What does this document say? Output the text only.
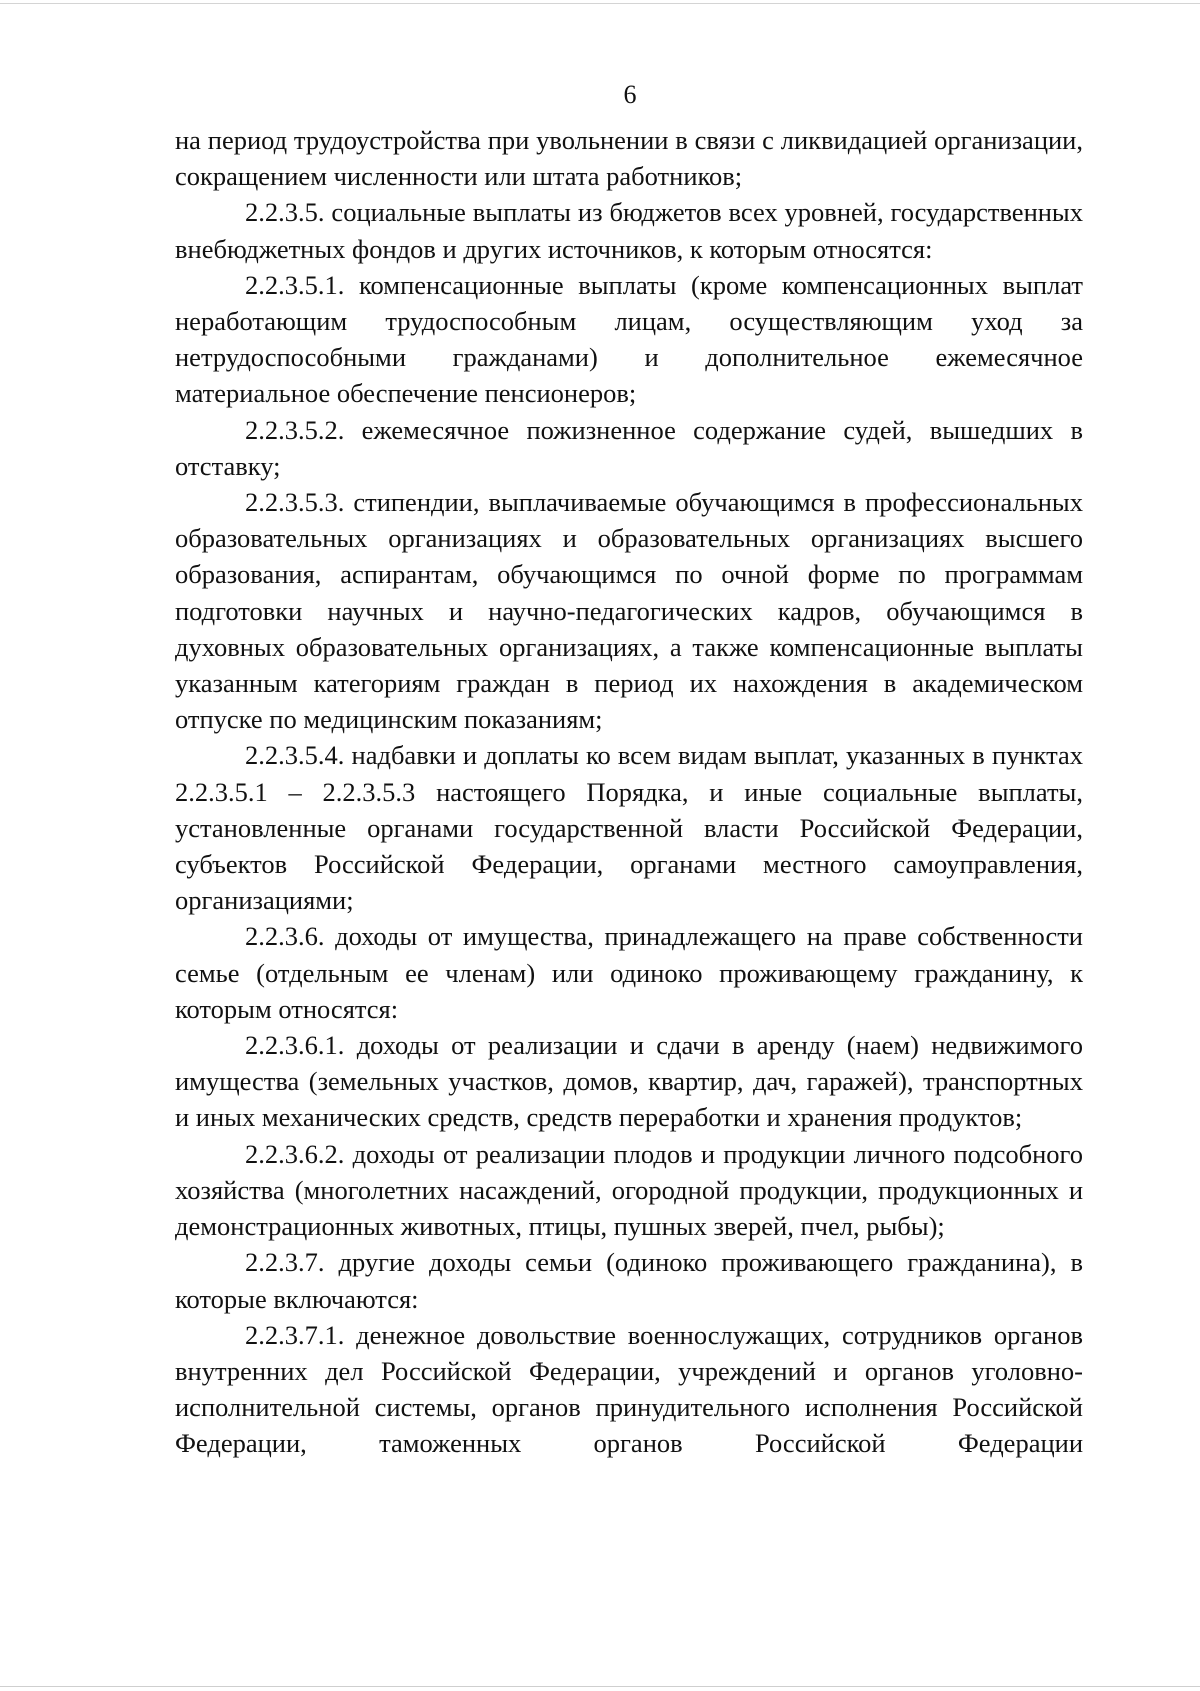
6

на период трудоустройства при увольнении в связи с ликвидацией организации, сокращением численности или штата работников;

2.2.3.5. социальные выплаты из бюджетов всех уровней, государственных внебюджетных фондов и других источников, к которым относятся:

2.2.3.5.1. компенсационные выплаты (кроме компенсационных выплат неработающим трудоспособным лицам, осуществляющим уход за нетрудоспособными гражданами) и дополнительное ежемесячное материальное обеспечение пенсионеров;

2.2.3.5.2. ежемесячное пожизненное содержание судей, вышедших в отставку;

2.2.3.5.3. стипендии, выплачиваемые обучающимся в профессиональных образовательных организациях и образовательных организациях высшего образования, аспирантам, обучающимся по очной форме по программам подготовки научных и научно-педагогических кадров, обучающимся в духовных образовательных организациях, а также компенсационные выплаты указанным категориям граждан в период их нахождения в академическом отпуске по медицинским показаниям;

2.2.3.5.4. надбавки и доплаты ко всем видам выплат, указанных в пунктах 2.2.3.5.1 – 2.2.3.5.3 настоящего Порядка, и иные социальные выплаты, установленные органами государственной власти Российской Федерации, субъектов Российской Федерации, органами местного самоуправления, организациями;

2.2.3.6. доходы от имущества, принадлежащего на праве собственности семье (отдельным ее членам) или одиноко проживающему гражданину, к которым относятся:

2.2.3.6.1. доходы от реализации и сдачи в аренду (наем) недвижимого имущества (земельных участков, домов, квартир, дач, гаражей), транспортных и иных механических средств, средств переработки и хранения продуктов;

2.2.3.6.2. доходы от реализации плодов и продукции личного подсобного хозяйства (многолетних насаждений, огородной продукции, продукционных и демонстрационных животных, птицы, пушных зверей, пчел, рыбы);

2.2.3.7. другие доходы семьи (одиноко проживающего гражданина), в которые включаются:

2.2.3.7.1. денежное довольствие военнослужащих, сотрудников органов внутренних дел Российской Федерации, учреждений и органов уголовно-исполнительной системы, органов принудительного исполнения Российской Федерации, таможенных органов Российской Федерации
